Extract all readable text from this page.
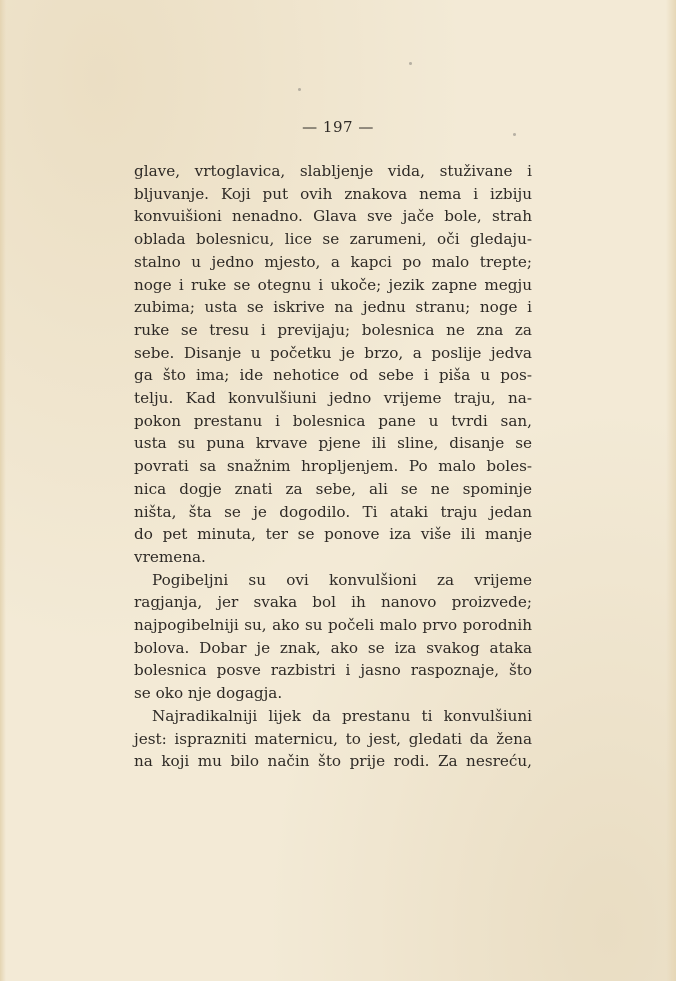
— 197 —
glave, vrtoglavica, slabljenje vida, stuživane i
bljuvanje. Koji put ovih znakova nema i izbiju
konvuišioni nenadno. Glava sve jače bole, strah
oblada bolesnicu, lice se zarumeni, oči gledaju-
stalno u jedno mjesto, a kapci po malo trepte;
noge i ruke se otegnu i ukoče; jezik zapne megju
zubima; usta se iskrive na jednu stranu; noge i
ruke se tresu i previjaju; bolesnica ne zna za
sebe. Disanje u početku je brzo, a poslije jedva
ga što ima; ide nehotice od sebe i piša u pos-
telju. Kad konvulšiuni jedno vrijeme traju, na-
pokon prestanu i bolesnica pane u tvrdi san,
usta su puna krvave pjene ili sline, disanje se
povrati sa snažnim hropljenjem. Po malo boles-
nica dogje znati za sebe, ali se ne spominje
ništa, šta se je dogodilo. Ti ataki traju jedan
do pet minuta, ter se ponove iza više ili manje
vremena.
Pogibeljni su ovi konvulšioni za vrijeme
ragjanja, jer svaka bol ih nanovo proizvede;
najpogibelniji su, ako su počeli malo prvo porodnih
bolova. Dobar je znak, ako se iza svakog ataka
bolesnica posve razbistri i jasno raspoznaje, što
se oko nje dogagja.
Najradikalniji lijek da prestanu ti konvulšiuni
jest: isprazniti maternicu, to jest, gledati da žena
na koji mu bilo način što prije rodi. Za nesreću,
